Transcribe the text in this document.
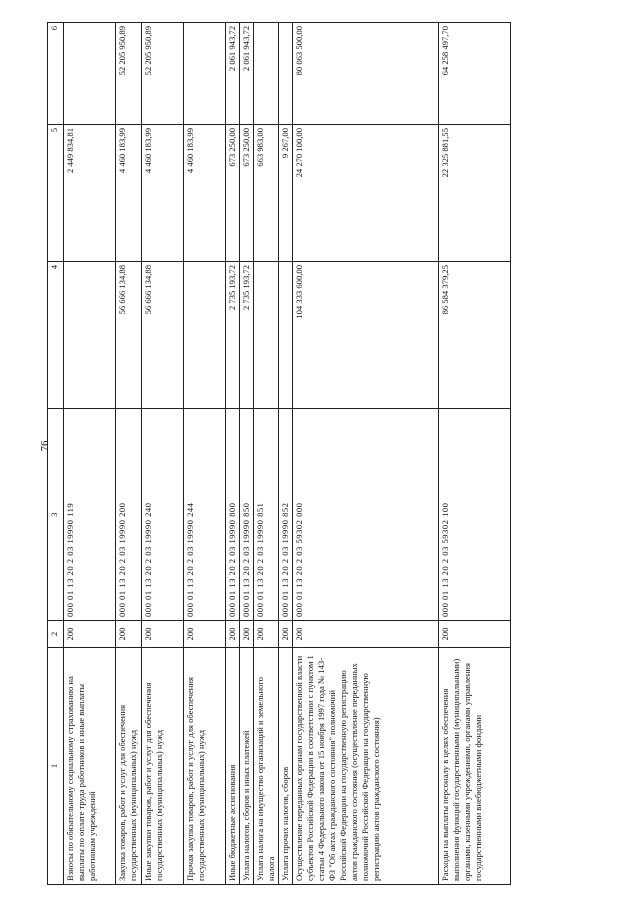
76
1	2	3	4	5	6
Взносы по обязательному социальному страхованию на выплаты по оплате труда работников и иные выплаты работникам учреждений	200	000 01 13 20 2 03 19990 119		2 449 834,81	
Закупка товаров, работ и услуг для обеспечения государственных (муниципальных) нужд	200	000 01 13 20 2 03 19990 200	56 666 134,88	4 460 183,99	52 205 950,89
Иные закупки товаров, работ и услуг для обеспечения государственных (муниципальных) нужд	200	000 01 13 20 2 03 19990 240	56 666 134,88	4 460 183,99	52 205 950,89
Прочая закупка товаров, работ и услуг для обеспечения государственных (муниципальных) нужд	200	000 01 13 20 2 03 19990 244		4 460 183,99	
Иные бюджетные ассигнования	200	000 01 13 20 2 03 19990 800	2 735 193,72	673 250,00	2 061 943,72
Уплата налогов, сборов и иных платежей	200	000 01 13 20 2 03 19990 850	2 735 193,72	673 250,00	2 061 943,72
Уплата налога на имущество организаций и земельного налога	200	000 01 13 20 2 03 19990 851		663 983,00	
Уплата прочих налогов, сборов	200	000 01 13 20 2 03 19990 852		9 267,00	
Осуществление переданных органам государственной власти субъектов Российской Федерации в соответствии с пунктом 1 статьи 4 Федерального закона от 15 ноября 1997 года № 143-ФЗ "Об актах гражданского состояния" полномочий Российской Федерации на государственную регистрацию актов гражданского состояния (осуществление переданных полномочий Российской Федерации на государственную регистрацию актов гражданского состояния)	200	000 01 13 20 2 03 59302 000	104 333 600,00	24 270 100,00	80 063 500,00
Расходы на выплаты персоналу в целях обеспечения выполнения функций государственными (муниципальными) органами, казенными учреждениями, органами управления государственными внебюджетными фондами	200	000 01 13 20 2 03 59302 100	86 584 379,25	22 325 881,55	64 258 497,70
